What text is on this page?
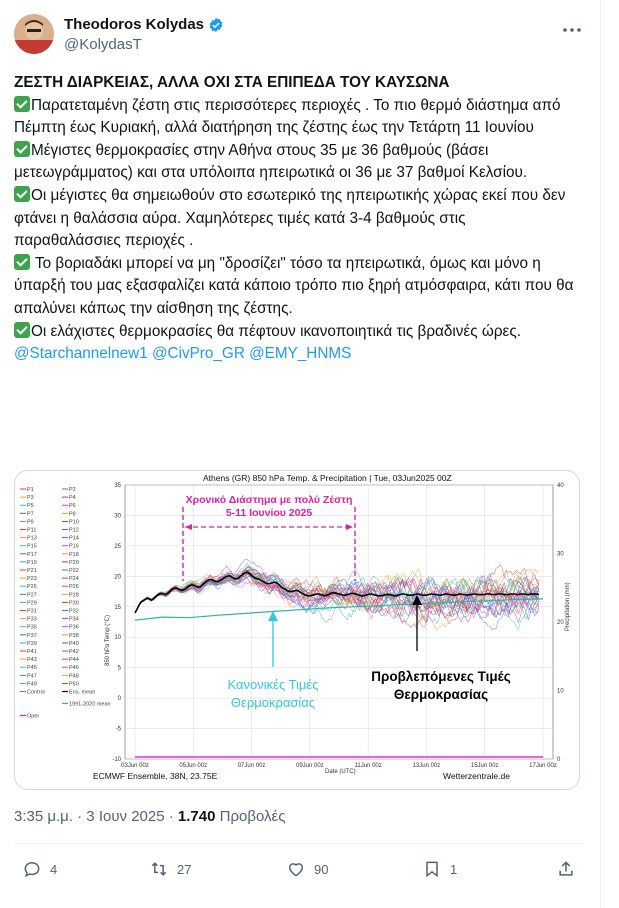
Theodoros Kolydas
@KolydasT

ΖΕΣΤΗ ΔΙΑΡΚΕΙΑΣ, ΑΛΛΑ ΟΧΙ ΣΤΑ ΕΠΙΠΕΔΑ ΤΟΥ ΚΑΥΣΩΝΑ

Παρατεταμένη ζέστη στις περισσότερες περιοχές . Το πιο θερμό διάστημα από Πέμπτη έως Κυριακή, αλλά διατήρηση της ζέστης έως την Τετάρτη 11 Ιουνίου

Μέγιστες θερμοκρασίες στην Αθήνα στους 35 με 36 βαθμούς (βάσει μετεωγράμματος) και στα υπόλοιπα ηπειρωτικά οι 36 με 37 βαθμοί Κελσίου.

Οι μέγιστες θα σημειωθούν στο εσωτερικό της ηπειρωτικής χώρας εκεί που δεν φτάνει η θαλάσσια αύρα. Χαμηλότερες τιμές κατά 3-4 βαθμούς στις παραθαλάσσιες περιοχές .

Το βοριαδάκι μπορεί να μη "δροσίζει" τόσο τα ηπειρωτικά, όμως και μόνο η ύπαρξή του μας εξασφαλίζει κατά κάποιο τρόπο πιο ξηρή ατμόσφαιρα, κάτι που θα απαλύνει κάπως την αίσθηση της ζέστης.

Οι ελάχιστες θερμοκρασίες θα πέφτουν ικανοποιητικά τις βραδινές ώρες.

@Starchannelnew1 @CivPro_GR @EMY_HNMS

Athens (GR) 850 hPa Temp. & Precipitation | Tue, 03Jun2025 00Z
-10
-5
0
5
10
15
20
25
30
35
0
10
20
30
40
03Jun 00z	05Jun 00z	07Jun 00z	09Jun 00z	11Jun 00z	13Jun 00z	15Jun 00z	17Jun 00z
P1	P2
P3	P4
P5	P6
P7	P8
P9	P10
P11	P12
P13	P14
P15	P16
P17	P18
P19	P20
P21	P22
P23	P24
P25	P26
P27	P28
P29	P30
P31	P32
P33	P34
P35	P36
P37	P38
P39	P40
P41	P42
P43	P44
P45	P46
P47	P48
P49	P50
Control	Ens. mean
1991-2020 mean
Oper
850 hPa Temp (°C)
Precipitation (mm)
Date (UTC)
ECMWF Ensemble, 38N, 23.75E	Wetterzentrale.de
Χρονικό Διάστημα με πολύ Ζέστη
5-11 Ιουνίου 2025
Κανονικές Τιμές
Θερμοκρασίας
Προβλεπόμενες Τιμές
Θερμοκρασίας
3:35 μ.μ. · 3 Ιουν 2025 · 1.740 Προβολές
4	27	90	1
